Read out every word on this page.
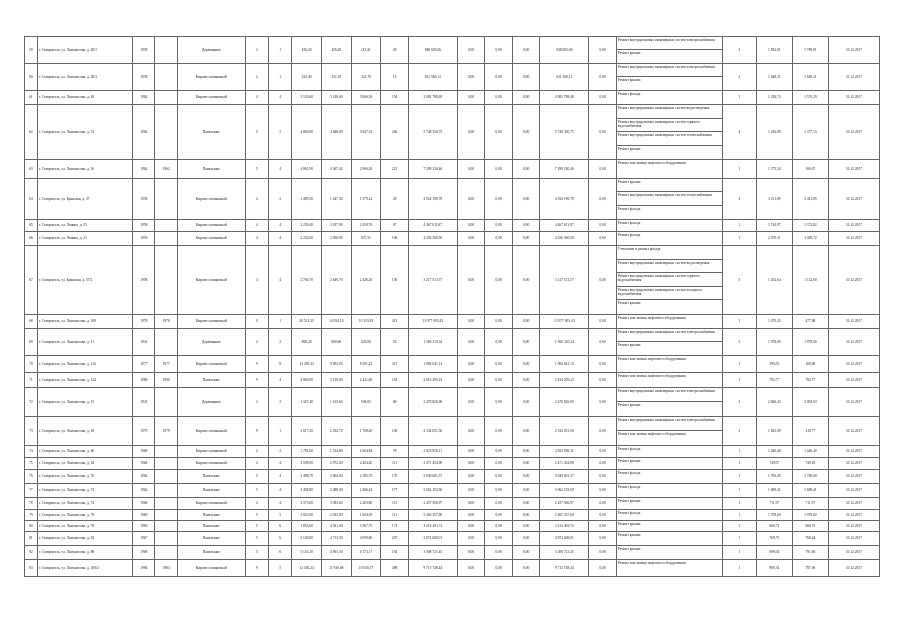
59	г. Ставрополь, ул. Ломоносова, д. 28/1	1958		Деревянные	2	1	456,20	456,20	(43,41	28	948 605,06	0,00	0,00	0,00	948 605,06	0,00	Ремонт внутридомовых инженерных систем электроснабжения
Ремонт крыши	2	1 582,01	1 789,91	31.12.2017
60	г. Ставрополь, ул. Ломоносова, д. 28/3	1958		Кирпич силикатный	2	1	323,40	331,10	321,70	19	631 560,12	0,00	0,00	0,00	631 560,12	0,00	Ремонт внутридомовых инженерных систем электроснабжения
Ремонт крыши	2	1 648,31	1 648,31	31.12.2017
61	г. Ставрополь, ул. Ломоносова, д. 49	1962		Кирпич силикатный	4	4	3 143,60	3 140,60	3 066,50	154	3 082 788,48	0,00	0,00	0,00	3 082 788,48	0,00	Ремонт фасада	1	1 238,74	1 576,29	31.12.2017
62	г. Ставрополь, ул. Ломоносова, д. 51	1962		Панельные	5	5	4 869,00	4 648,00	3 947,32	246	5 748 330,75	0,00	0,00	0,00	5 748 330,75	0,00	Ремонт внутридомовых инженерных систем водоотведения
Ремонт внутридомовых инженерных систем горячего водоснабжения
Ремонт внутридомовых инженерных систем теплоснабжения
Ремонт крыши	4	1 236,08	1 377,13	31.12.2017
63	г. Ставрополь, ул. Ломоносова, д. 16	1962	1962	Панельные	5	4	4 861,90	3 367,42	2 966,26	221	7 299 230,46	0,00	0,00	0,00	7 299 230,46	0,00	Ремонт или замена лифтового оборудования	1	1 375,34	169,07	31.12.2017
64	г. Ставрополь, ул. Брянская, д. 37	1958		Кирпич силикатный	4	2	1 499,50	1 447,30	1 379,22	28	4 924 190,78	0,00	0,00	0,00	4 924 190,78	0,00	Ремонт крыши
Ремонт внутридомовых инженерных систем теплоснабжения
Ремонт фасада	3	3 411,89	3 411,89	31.12.2017
65	г. Ставрополь, ул. Ленина, д. 53	1958		Кирпич силикатный	4	4	3 259,40	3 187,90	2 450,76	67	4 467 011,87	0,00	0,00	0,00	4 467 011,87	0,00	Ремонт фасада	1	1 744,97	1 372,82	31.12.2017
66	г. Ставрополь, ул. Ленина, д. 31	1950		Кирпич силикатный	4	4	2 232,60	2 050,00	827,51	106	4 256 560,50	0,00	0,00	0,00	4 256 560,50	0,00	Ремонт фасада	1	2 070,31	3 489,72	31.12.2017
67	г. Ставрополь, ул. Брянская, д. 57/2	1958		Кирпич силикатный	4	4	2 766,70	2 649,70	2 326,20	156	3 217 513,57	0,00	0,00	0,00	3 217 513,57	0,00	Утепление и ремонт фасада
Ремонт внутридомовых инженерных систем водоотведения
Ремонт внутридомовых инженерных систем горячего водоснабжения
Ремонт внутридомовых инженерных систем холодного водоснабжения
Ремонт крыши	5	1 452,64	1 132,60	31.12.2017
68	г. Ставрополь, ул. Ломоносова, д. 108	1978	1978	Кирпич силикатный	9	1	20 513,35	14 934,10	10 153,83	412	13 977 003,43	0,00	0,00	0,00	13 977 003,43	0,00	Ремонт или замена лифтового оборудования	1	1 070,45	477,08	31.12.2017
69	г. Ставрополь, ул. Ломоносова, д. 11	1941		Деревянные	2	2	896,20	680,60	633,00	52	1 566 310,34	0,00	0,00	0,00	1 566 310,34	0,00	Ремонт внутридомовых инженерных систем электроснабжения
Ремонт крыши	2	1 978,00	1 978,00	31.12.2017
70	г. Ставрополь, ул. Ломоносова, д. 114	1977	1977	Кирпич силикатный	9	8	13 495,33	9 853,05	8 391,23	317	1 984 041,13	0,00	0,00	0,00	1 984 041,13	0,00	Ремонт или замена лифтового оборудования	1	199,55	169,86	31.12.2017
71	г. Ставрополь, ул. Ломоносова, д. 124	1980	1980	Панельные	9	4	4 960,00	3 139,00	2 421,60	163	2 814 295,23	0,00	0,00	0,00	2 814 295,23	0,00	Ремонт или замена лифтового оборудования	1	792,77	792,77	31.12.2017
72	г. Ставрополь, ул. Ломоносова, д. 15	1941		Деревянные	2	3	1 347,40	1 163,60	594,65	68	2 470 826,00	0,00	0,00	0,00	2 470 826,00	0,00	Ремонт внутридомовых инженерных систем электроснабжения
Ремонт крыши	2	2 060,43	2 093,63	31.12.2017
73	г. Ставрополь, ул. Ломоносова, д. 18	1979	1979	Кирпич силикатный	9	1	2 617,20	2 292,70	1 768,20	148	2 334 051,56	0,00	0,00	0,00	2 334 051,56	0,00	Ремонт внутридомовых инженерных систем электроснабжения
Ремонт или замена лифтового оборудования	2	1 843,09	210,77	31.12.2017
74	г. Ставрополь, ул. Ломоносова, д. 40	1968		Кирпич силикатный	2	2	1 781,60	1 314,80	1 664,84	78	2 825 856,11	0,00	0,00	0,00	2 825 856,11	0,00	Ремонт фасада	1	1 446,40	1 446,40	31.12.2017
75	г. Ставрополь, ул. Ломоносова, д. 64	1964		Кирпич силикатный	4	4	3 598,00	2 972,00	2 404,40	111	2 471 454,98	0,00	0,00	0,00	2 471 454,98	0,00	Ремонт крыши	1	749,07	749,03	31.12.2017
76	г. Ставрополь, ул. Ломоносова, д. 70	1962		Панельные	5	4	3 498,70	3 064,90	2 185,76	170	5 049 601,37	0,00	0,00	0,00	5 049 601,37	0,00	Ремонт фасада	1	1 700,49	1 700,60	31.12.2017
77	г. Ставрополь, ул. Ломоносова, д. 72	1962		Панельные	5	4	3 458,80	2 488,30	2 406,24	177	5 062 103,50	0,00	0,00	0,00	5 062 103,50	0,00	Ремонт фасада	1	1 689,41	1 689,41	31.12.2017
78	г. Ставрополь, ул. Ломоносова, д. 74	1966		Кирпич силикатный	4	4	3 373,00	3 383,60	2 263,80	115	2 457 506,97	0,00	0,00	0,00	2 457 506,97	0,00	Ремонт крыши	1	711,97	711,97	31.12.2017
79	г. Ставрополь, ул. Ломоносова, д. 76	1960		Панельные	5	5	2 823,80	2 633,00	1 604,39	111	5 465 357,60	0,00	0,00	0,00	5 465 357,60	0,00	Ремонт фасада	1	1 978,60	1 978,60	31.12.2017
80	г. Ставрополь, ул. Ломоносова, д. 78	1960		Панельные	5	6	1 853,60	4 921,00	3 567,70	172	3 214 403,72	0,00	0,00	0,00	3 214 403,72	0,00	Ремонт крыши	1	660,72	660,72	31.12.2017
81	г. Ставрополь, ул. Ломоносова, д. 82	1967		Панельные	5	6	5 149,00	4 713,30	4 099,86	247	3 872 608,01	0,00	0,00	0,00	3 872 608,01	0,00	Ремонт крыши	1	768,75	768,44	31.12.2017
82	г. Ставрополь, ул. Ломоносова, д. 88	1968		Панельные	5	6	5 141,20	4 691,30	4 173,17	192	3 368 721,45	0,00	0,00	0,00	3 368 721,45	0,00	Ремонт крыши	1	698,04	791,66	31.12.2017
83	г. Ставрополь, ул. Ломоносова, д. 100/2	1984	1984	Кирпич силикатный	9	5	12 392,24	11 936,68	10 030,37	498	9 713 748,44	0,00	0,00	0,00	9 713 748,44	0,00	Ремонт или замена лифтового оборудования	1	969,34	787,06	31.12.2017
